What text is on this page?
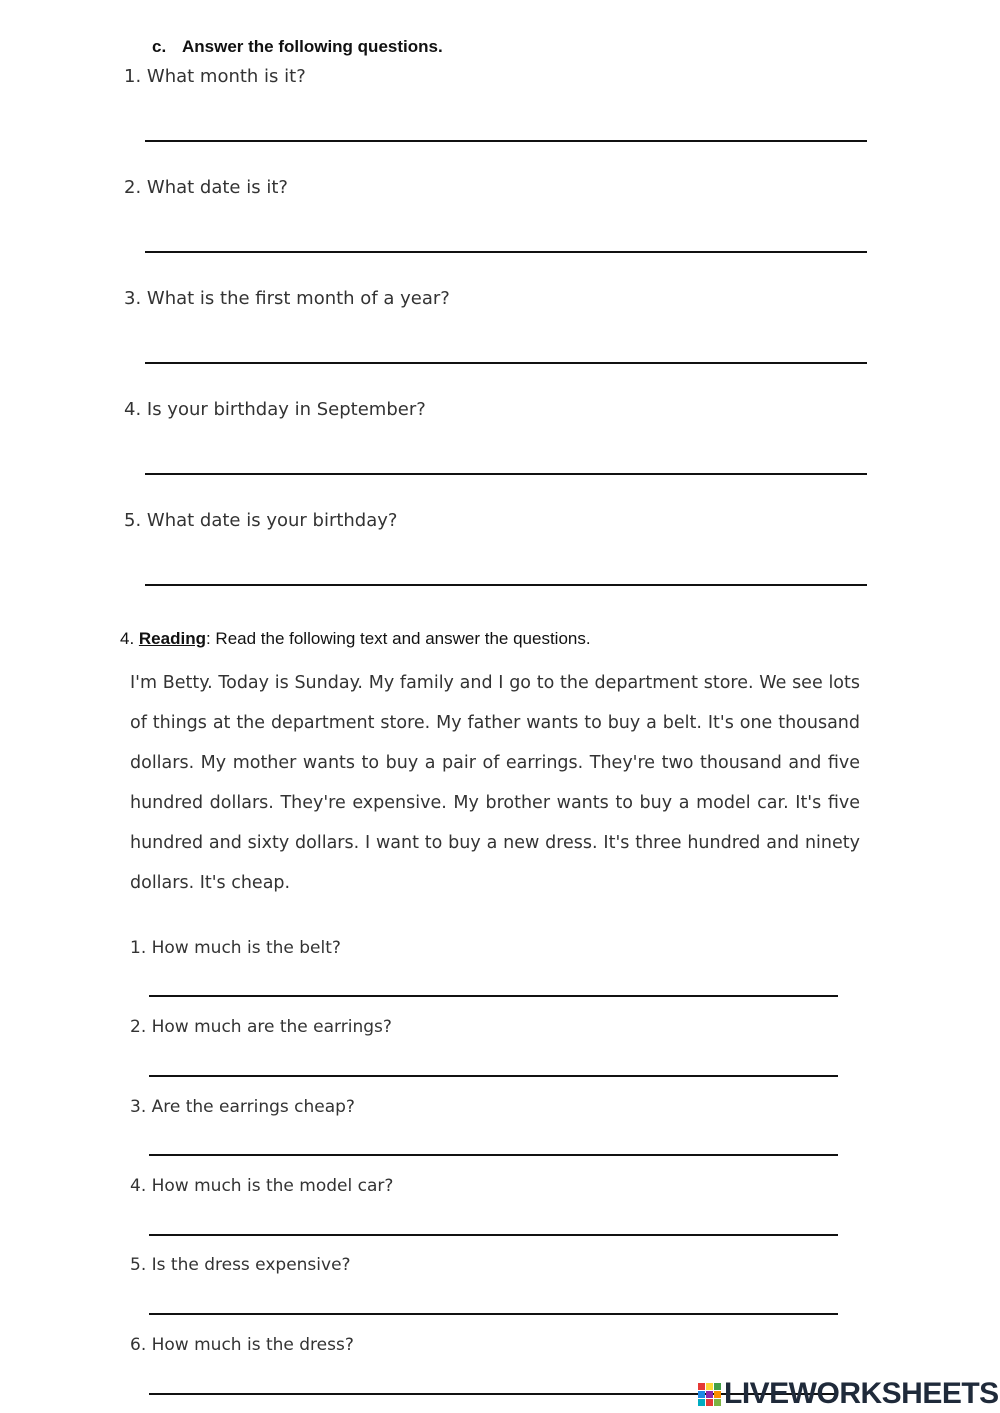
c. Answer the following questions.
1. What month is it?
2. What date is it?
3. What is the first month of a year?
4. Is your birthday in September?
5. What date is your birthday?
4. Reading: Read the following text and answer the questions.
I'm Betty. Today is Sunday. My family and I go to the department store. We see lots of things at the department store. My father wants to buy a belt. It's one thousand dollars. My mother wants to buy a pair of earrings. They're two thousand and five hundred dollars. They're expensive. My brother wants to buy a model car. It's five hundred and sixty dollars. I want to buy a new dress. It's three hundred and ninety dollars. It's cheap.
1. How much is the belt?
2. How much are the earrings?
3. Are the earrings cheap?
4. How much is the model car?
5. Is the dress expensive?
6. How much is the dress?
LIVEWORKSHEETS
